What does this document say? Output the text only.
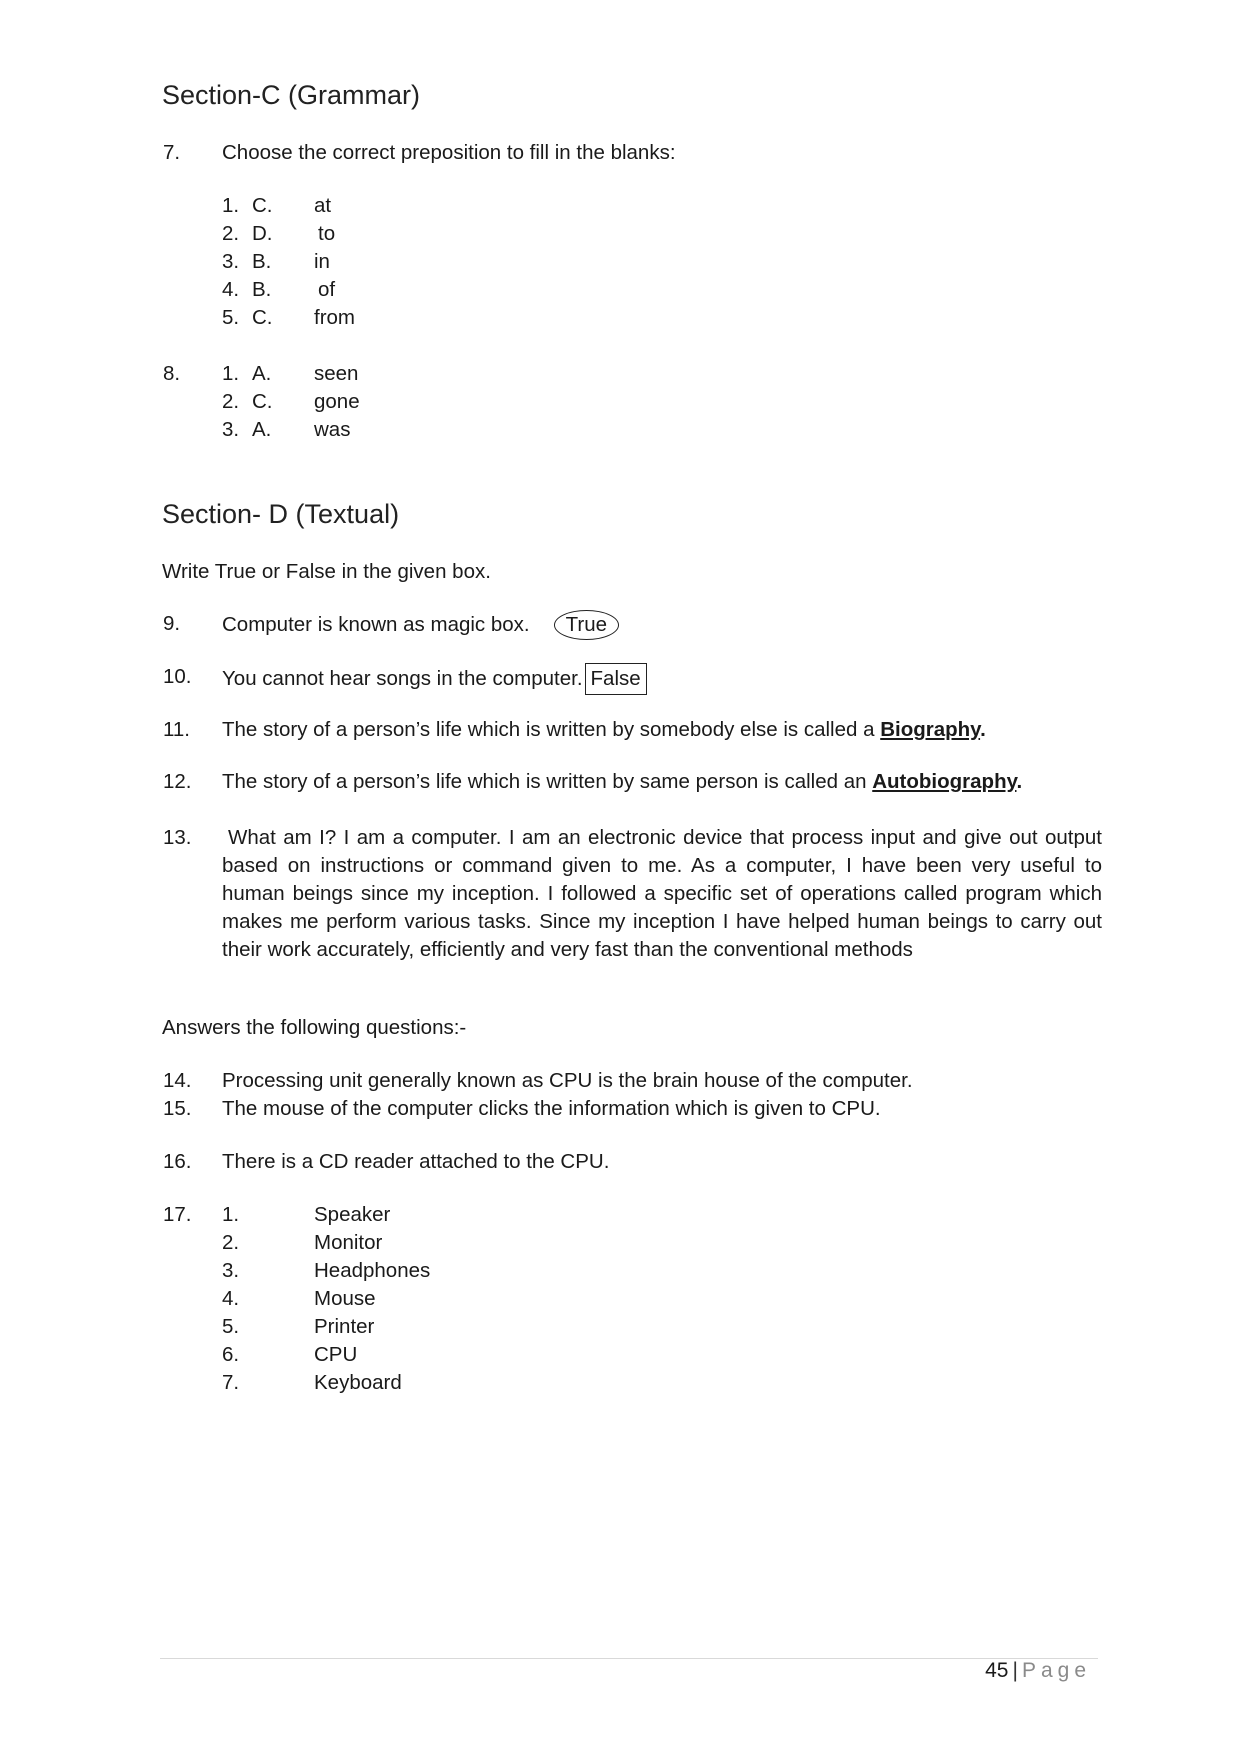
Section-C (Grammar)
7. Choose the correct preposition to fill in the blanks:
1. C. at
2. D. to
3. B. in
4. B. of
5. C. from
8. 1. A. seen
2. C. gone
3. A. was
Section- D (Textual)
Write True or False in the given box.
9. Computer is known as magic box. True
10. You cannot hear songs in the computer. False
11. The story of a person’s life which is written by somebody else is called a Biography.
12. The story of a person’s life which is written by same person is called an Autobiography.
13. What am I? I am a computer. I am an electronic device that process input and give out output based on instructions or command given to me. As a computer, I have been very useful to human beings since my inception. I followed a specific set of operations called program which makes me perform various tasks. Since my inception I have helped human beings to carry out their work accurately, efficiently and very fast than the conventional methods
Answers the following questions:-
14. Processing unit generally known as CPU is the brain house of the computer.
15. The mouse of the computer clicks the information which is given to CPU.
16. There is a CD reader attached to the CPU.
17. 1.	Speaker
2.	Monitor
3.	Headphones
4.	Mouse
5.	Printer
6.	CPU
7.	Keyboard
45 | Page
